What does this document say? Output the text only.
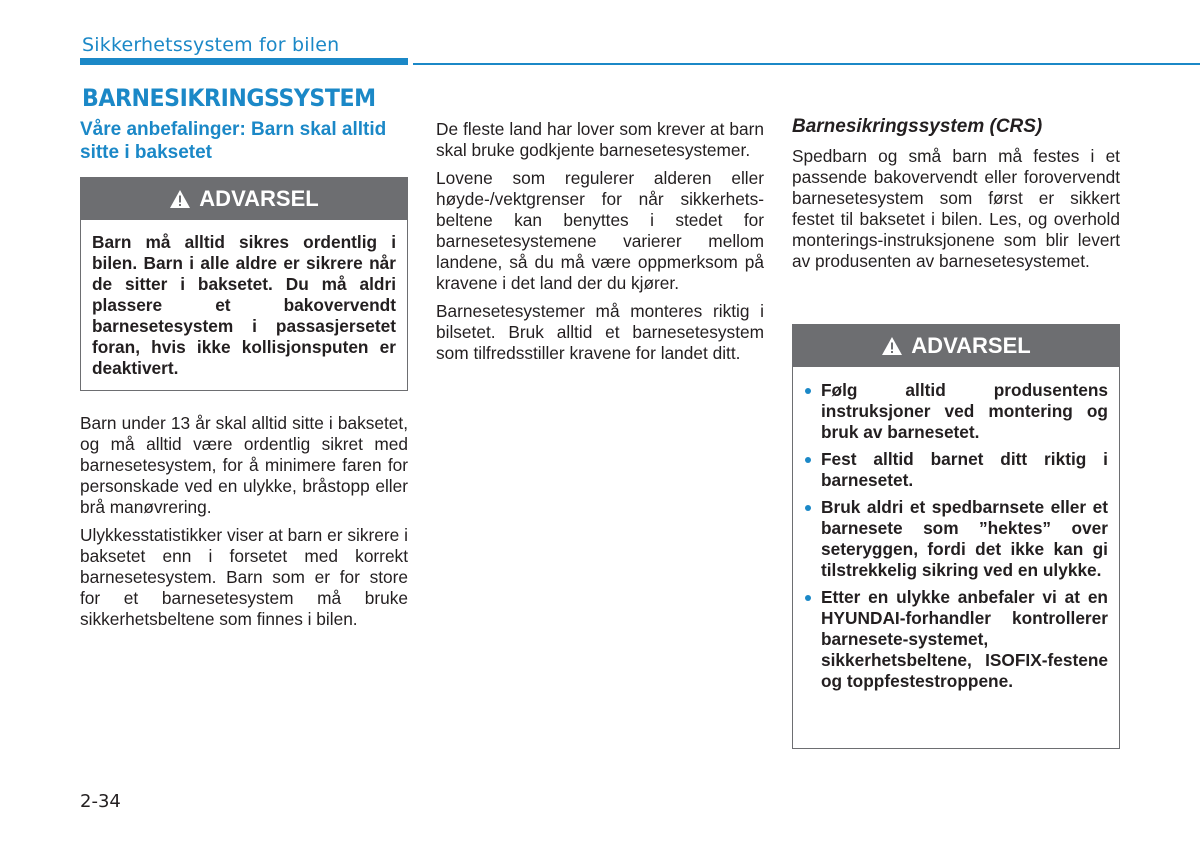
Sikkerhetssystem for bilen
BARNESIKRINGSSYSTEM
Våre anbefalinger: Barn skal alltid sitte i baksetet
ADVARSEL
Barn må alltid sikres ordentlig i bilen. Barn i alle aldre er sikrere når de sitter i baksetet. Du må aldri plassere et bakovervendt barnesetesystem i passasjersetet foran, hvis ikke kollisjonsputen er deaktivert.

Barn under 13 år skal alltid sitte i baksetet, og må alltid være ordentlig sikret med barnesetesystem, for å minimere faren for personskade ved en ulykke, bråstopp eller brå manøvrering.

Ulykkesstatistikker viser at barn er sikrere i baksetet enn i forsetet med korrekt barnesetesystem. Barn som er for store for et barnesetesystem må bruke sikkerhetsbeltene som finnes i bilen.

De fleste land har lover som krever at barn skal bruke godkjente barnesetesystemer.

Lovene som regulerer alderen eller høyde-/vektgrenser for når sikkerhets-beltene kan benyttes i stedet for barnesetesystemene varierer mellom landene, så du må være oppmerksom på kravene i det land der du kjører.

Barnesetesystemer må monteres riktig i bilsetet. Bruk alltid et barnesetesystem som tilfredsstiller kravene for landet ditt.

Barnesikringssystem (CRS)

Spedbarn og små barn må festes i et passende bakovervendt eller forovervendt barnesetesystem som først er sikkert festet til baksetet i bilen. Les, og overhold monterings-instruksjonene som blir levert av produsenten av barnesetesystemet.

ADVARSEL
Følg alltid produsentens instruksjoner ved montering og bruk av barnesetet.
Fest alltid barnet ditt riktig i barnesetet.
Bruk aldri et spedbarnsete eller et barnesete som ”hektes” over seteryggen, fordi det ikke kan gi tilstrekkelig sikring ved en ulykke.
Etter en ulykke anbefaler vi at en HYUNDAI-forhandler kontrollerer barnesete-systemet, sikkerhetsbeltene, ISOFIX-festene og toppfestestroppene.
2-34
